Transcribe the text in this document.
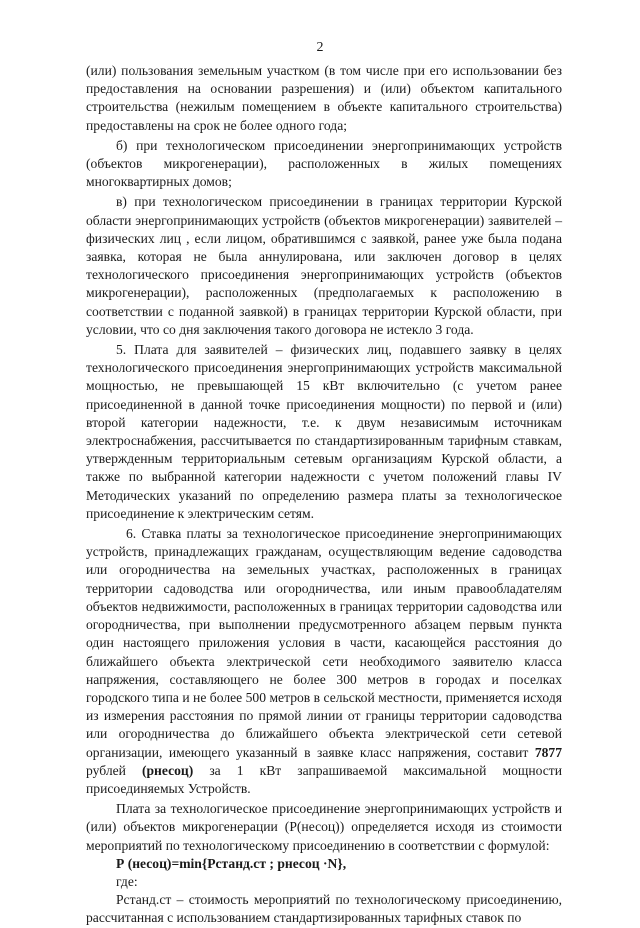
2

(или) пользования земельным участком (в том числе при его использовании без предоставления на основании разрешения) и (или) объектом капитального строительства (нежилым помещением в объекте капитального строительства) предоставлены на срок не более одного года;

б) при технологическом присоединении энергопринимающих устройств (объектов микрогенерации), расположенных в жилых помещениях многоквартирных домов;

в) при технологическом присоединении в границах территории Курской области энергопринимающих устройств (объектов микрогенерации) заявителей – физических лиц , если лицом, обратившимся с заявкой, ранее уже была подана заявка, которая не была аннулирована, или заключен договор в целях технологического присоединения энергопринимающих устройств (объектов микрогенерации), расположенных (предполагаемых к расположению в соответствии с поданной заявкой) в границах территории Курской области, при условии, что со дня заключения такого договора не истекло 3 года.

5. Плата для заявителей – физических лиц, подавшего заявку в целях технологического присоединения энергопринимающих устройств максимальной мощностью, не превышающей 15 кВт включительно (с учетом ранее присоединенной в данной точке присоединения мощности) по первой и (или) второй категории надежности, т.е. к двум независимым источникам электроснабжения, рассчитывается по стандартизированным тарифным ставкам, утвержденным территориальным сетевым организациям Курской области, а также по выбранной категории надежности с учетом положений главы IV Методических указаний по определению размера платы за технологическое присоединение к электрическим сетям.

6. Ставка платы за технологическое присоединение энергопринимающих устройств, принадлежащих гражданам, осуществляющим ведение садоводства или огородничества на земельных участках, расположенных в границах территории садоводства или огородничества, или иным правообладателям объектов недвижимости, расположенных в границах территории садоводства или огородничества, при выполнении предусмотренного абзацем первым пункта один настоящего приложения условия в части, касающейся расстояния до ближайшего объекта электрической сети необходимого заявителю класса напряжения, составляющего не более 300 метров в городах и поселках городского типа и не более 500 метров в сельской местности, применяется исходя из измерения расстояния по прямой линии от границы территории садоводства или огородничества до ближайшего объекта электрической сети сетевой организации, имеющего указанный в заявке класс напряжения, составит 7877 рублей (рнесоц) за 1 кВт запрашиваемой максимальной мощности присоединяемых Устройств.

Плата за технологическое присоединение энергопринимающих устройств и (или) объектов микрогенерации (Р(несоц)) определяется исходя из стоимости мероприятий по технологическому присоединению в соответствии с формулой:

Р (несоц)=min{Рстанд.ст ; рнесоц ·N},

где:

Рстанд.ст – стоимость мероприятий по технологическому присоединению, рассчитанная с использованием стандартизированных тарифных ставок по
